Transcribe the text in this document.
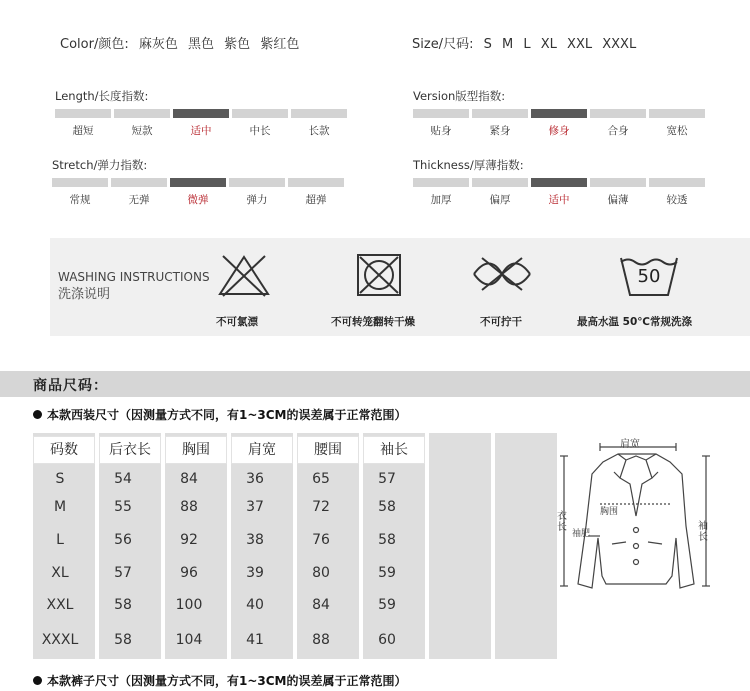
Color/颜色: 麻灰色 黑色 紫色 紫红色	Size/尺码: S M L XL XXL XXXL
Length/长度指数:
超短	短款	适中	中长	长款
Version版型指数:
贴身	紧身	修身	合身	宽松
Stretch/弹力指数:
常规	无弹	微弹	弹力	超弹
Thickness/厚薄指数:
加厚	偏厚	适中	偏薄	较透
WASHING INSTRUCTIONS
洗涤说明
不可氯漂	不可转笼翻转干燥	不可拧干
50
最高水温 50℃常规洗涤
商品尺码：
本款西装尺寸（因测量方式不同，有1~3CM的误差属于正常范围）
码数	后衣长	胸围	肩宽	腰围	袖长
S	54	84	36	65	57
M	55	88	37	72	58
L	56	92	38	76	58
XL	57	96	39	80	59
XXL	58	100	40	84	59
XXXL	58	104	41	88	60
肩宽
胸围
袖肥
衣长	袖长
本款裤子尺寸（因测量方式不同，有1~3CM的误差属于正常范围）
